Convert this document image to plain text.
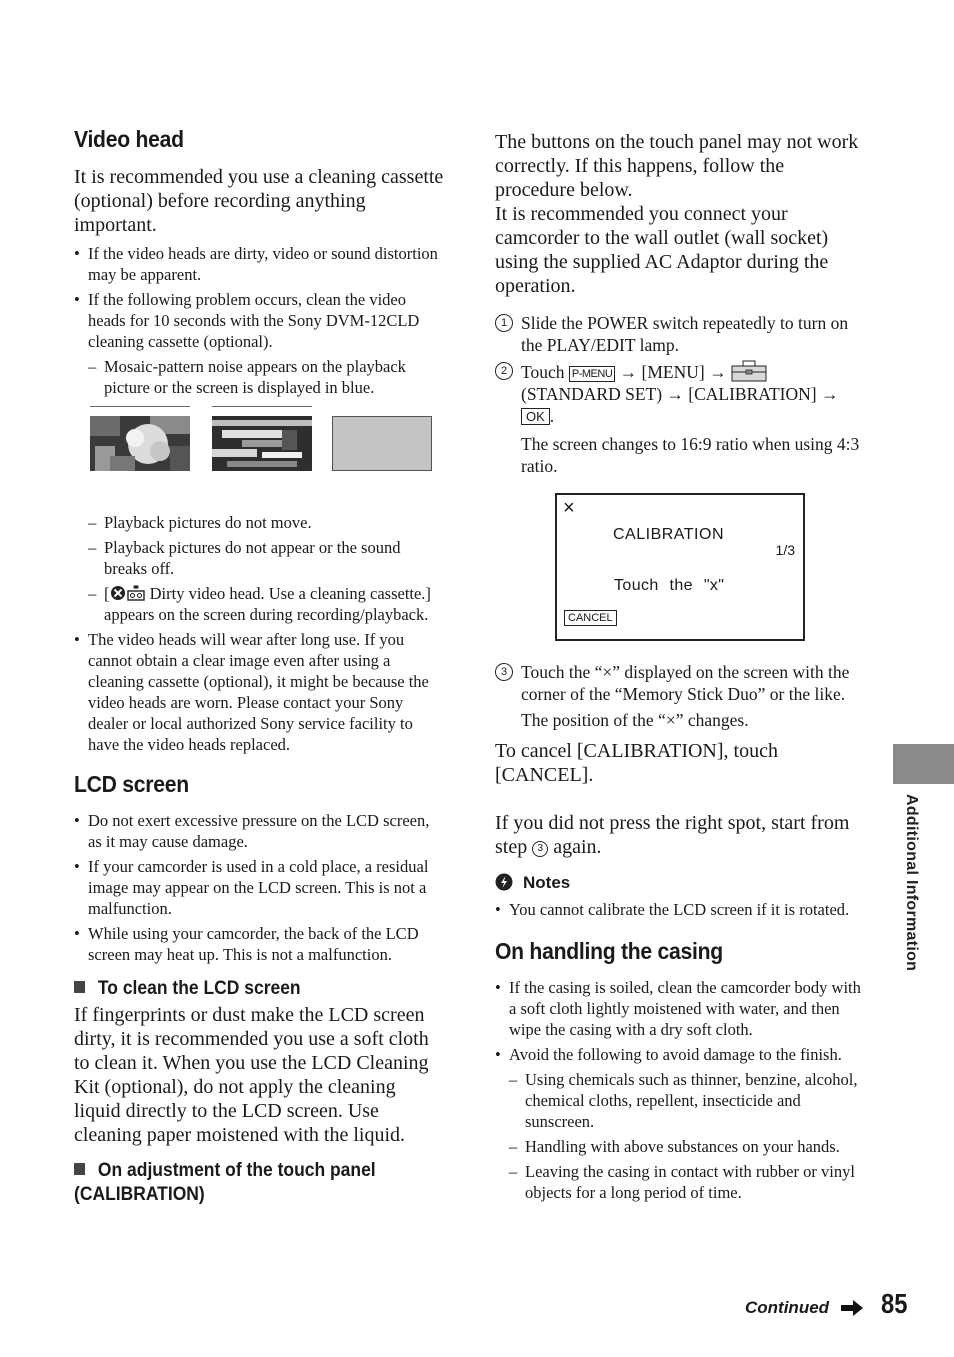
Video head

It is recommended you use a cleaning cassette (optional) before recording anything important.

• If the video heads are dirty, video or sound distortion may be apparent.
• If the following problem occurs, clean the video heads for 10 seconds with the Sony DVM-12CLD cleaning cassette (optional).
– Mosaic-pattern noise appears on the playback picture or the screen is displayed in blue.
– Playback pictures do not move.
– Playback pictures do not appear or the sound breaks off.
– [ Dirty video head. Use a cleaning cassette.] appears on the screen during recording/playback.
• The video heads will wear after long use. If you cannot obtain a clear image even after using a cleaning cassette (optional), it might be because the video heads are worn. Please contact your Sony dealer or local authorized Sony service facility to have the video heads replaced.
LCD screen
• Do not exert excessive pressure on the LCD screen, as it may cause damage.
• If your camcorder is used in a cold place, a residual image may appear on the LCD screen. This is not a malfunction.
• While using your camcorder, the back of the LCD screen may heat up. This is not a malfunction.
To clean the LCD screen

If fingerprints or dust make the LCD screen dirty, it is recommended you use a soft cloth to clean it. When you use the LCD Cleaning Kit (optional), do not apply the cleaning liquid directly to the LCD screen. Use cleaning paper moistened with the liquid.

On adjustment of the touch panel
(CALIBRATION)

The buttons on the touch panel may not work correctly. If this happens, follow the procedure below.

It is recommended you connect your camcorder to the wall outlet (wall socket) using the supplied AC Adaptor during the operation.

1 Slide the POWER switch repeatedly to turn on the PLAY/EDIT lamp.
2 Touch P-MENU → [MENU] →  (STANDARD SET) → [CALIBRATION] → OK .
The screen changes to 16:9 ratio when using 4:3 ratio.
×
CALIBRATION
1/3
Touch the "x"
CANCEL
3 Touch the “×” displayed on the screen with the corner of the “Memory Stick Duo” or the like.
The position of the “×” changes.

To cancel [CALIBRATION], touch [CANCEL].

If you did not press the right spot, start from step 3 again.

Notes
• You cannot calibrate the LCD screen if it is rotated.
On handling the casing
• If the casing is soiled, clean the camcorder body with a soft cloth lightly moistened with water, and then wipe the casing with a dry soft cloth.
• Avoid the following to avoid damage to the finish.
– Using chemicals such as thinner, benzine, alcohol, chemical cloths, repellent, insecticide and sunscreen.
– Handling with above substances on your hands.
– Leaving the casing in contact with rubber or vinyl objects for a long period of time.
Additional Information
Continued 85
